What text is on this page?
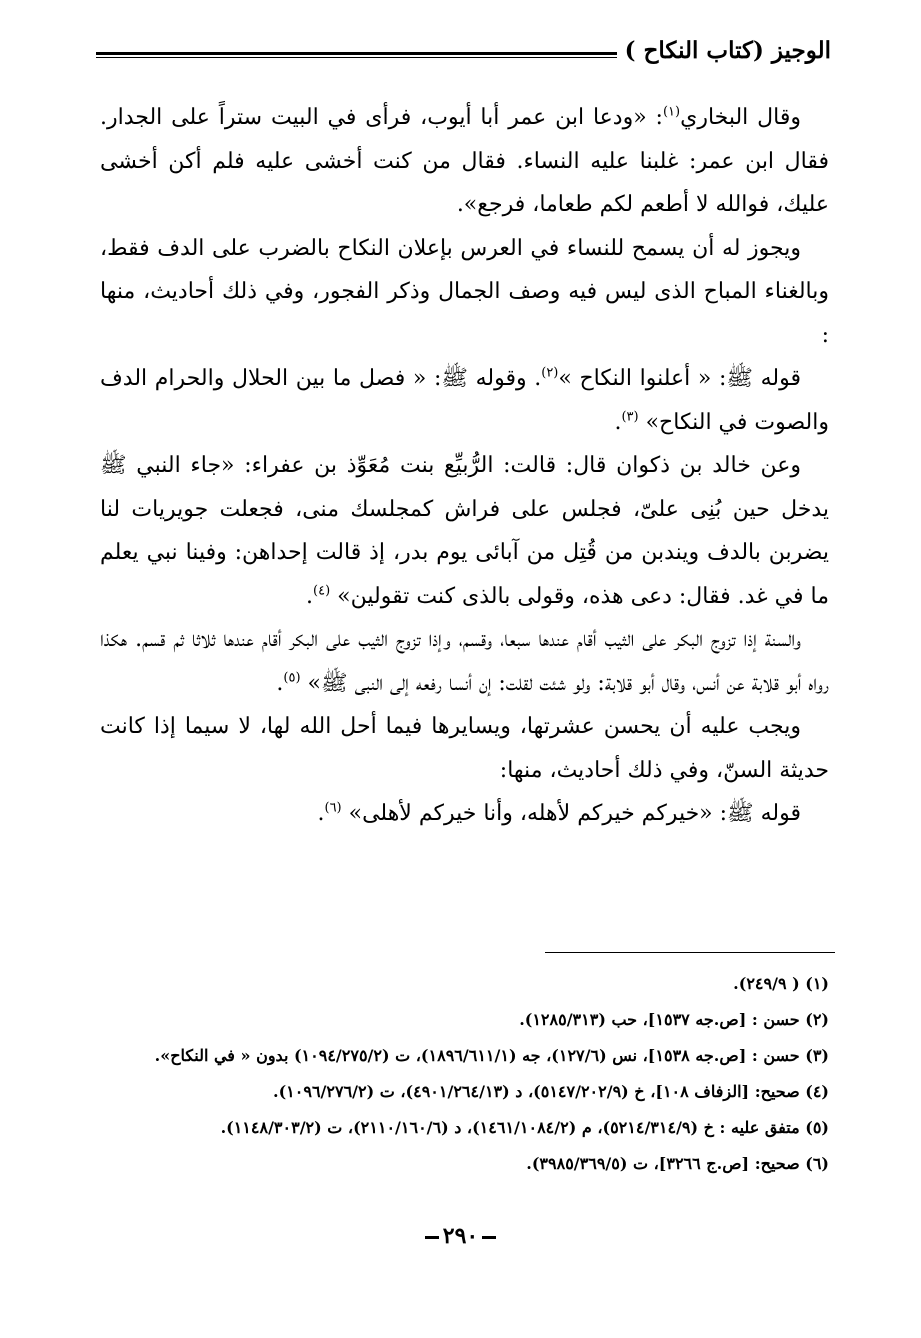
الوجيز (كتاب النكاح )

وقال البخاري$^{(١)}$: «ودعا ابن عمر أبا أيوب، فرأى في البيت ستراً على الجدار. فقال ابن عمر: غلبنا عليه النساء. فقال من كنت أخشى عليه فلم أكن أخشى عليك، فوالله لا أطعم لكم طعاما، فرجع».

ويجوز له أن يسمح للنساء في العرس بإعلان النكاح بالضرب على الدف فقط، وبالغناء المباح الذى ليس فيه وصف الجمال وذكر الفجور، وفي ذلك أحاديث، منها :

قوله ﷺ: « أعلنوا النكاح »$^{(٢)}$. وقوله ﷺ: « فصل ما بين الحلال والحرام الدف والصوت في النكاح» $^{(٣)}$.

وعن خالد بن ذكوان قال: قالت: الرُّبيِّع بنت مُعَوِّذ بن عفراء: «جاء النبي ﷺ يدخل حين بُنِى علىّ، فجلس على فراش كمجلسك منى، فجعلت جويريات لنا يضربن بالدف ويندبن من قُتِل من آبائى يوم بدر، إذ قالت إحداهن: وفينا نبي يعلم ما في غد. فقال: دعى هذه، وقولى بالذى كنت تقولين» $^{(٤)}$.

والسنة إذا تزوج البكر على الثيب أقام عندها سبعا، وقسم، وإذا تزوج الثيب على البكر أقام عندها ثلاثا ثم قسم. هكذا رواه أبو قلابة عن أنس، وقال أبو قلابة: ولو شئت لقلت: إن أنسا رفعه إلى النبى ﷺ» $^{(٥)}$.

ويجب عليه أن يحسن عشرتها، ويسايرها فيما أحل الله لها، لا سيما إذا كانت حديثة السنّ، وفي ذلك أحاديث، منها:

قوله ﷺ: «خيركم خيركم لأهله، وأنا خيركم لأهلى» $^{(٦)}$.

(١) ( ٢٤٩/٩).

(٢) حسن : [ص.جه ١٥٣٧]، حب (١٢٨٥/٣١٣).

(٣) حسن : [ص.جه ١٥٣٨]، نس (١٢٧/٦)، جه (١٨٩٦/٦١١/١)، ت (١٠٩٤/٢٧٥/٢) بدون « في النكاح».

(٤) صحيح: [الزفاف ١٠٨]، خ (٥١٤٧/٢٠٢/٩)، د (٤٩٠١/٢٦٤/١٣)، ت (١٠٩٦/٢٧٦/٢).

(٥) متفق عليه : خ (٥٢١٤/٣١٤/٩)، م (١٤٦١/١٠٨٤/٢)، د (٢١١٠/١٦٠/٦)، ت (١١٤٨/٣٠٣/٢).

(٦) صحيح: [ص.ج ٣٢٦٦]، ت (٣٩٨٥/٣٦٩/٥).

٢٩٠
